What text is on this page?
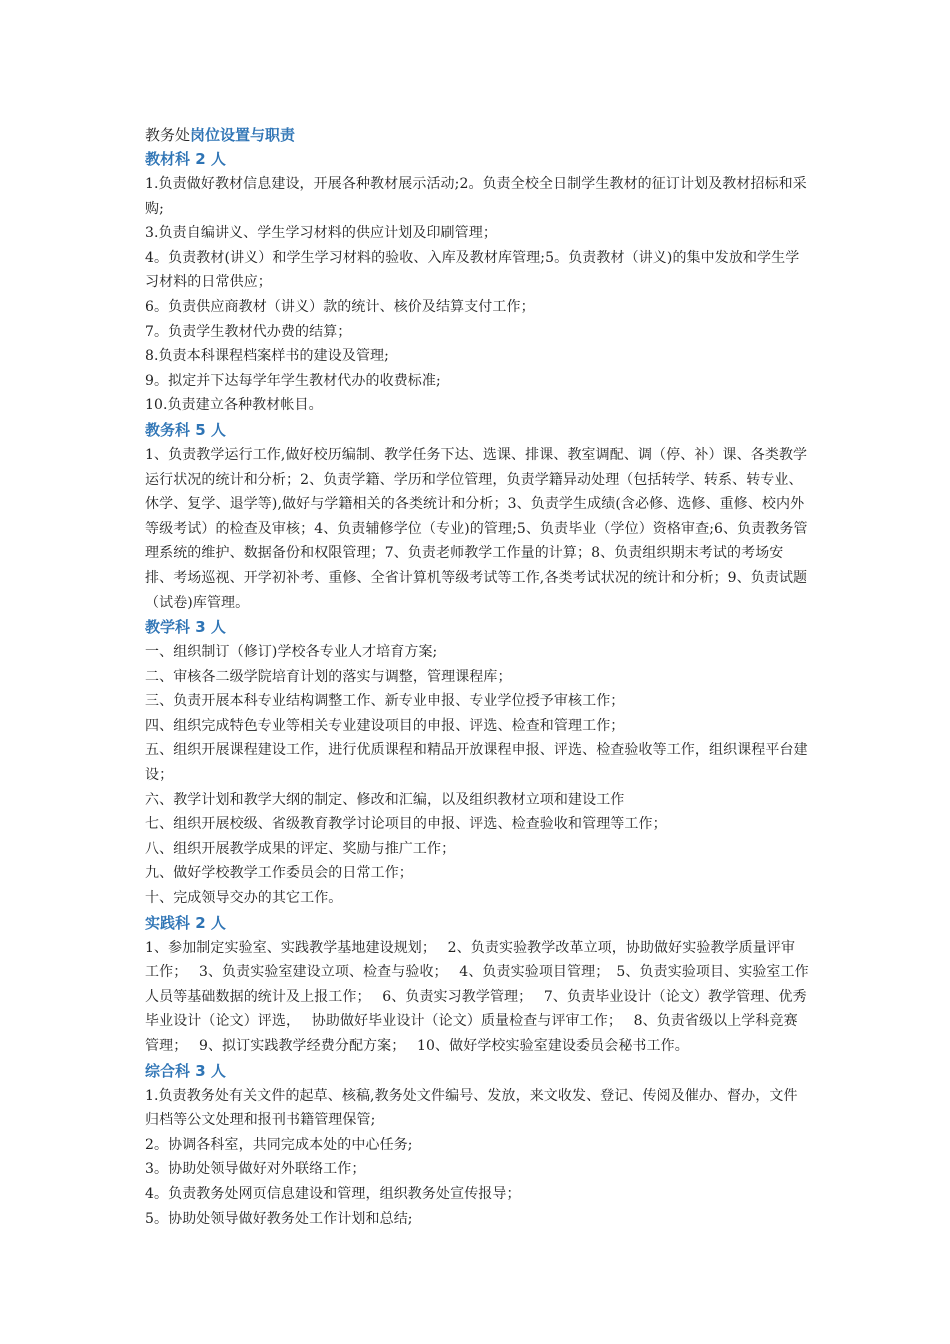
教务处岗位设置与职责
教材科 2 人

1.负责做好教材信息建设，开展各种教材展示活动;2。负责全校全日制学生教材的征订计划及教材招标和采购;

3.负责自编讲义、学生学习材料的供应计划及印刷管理；

4。负责教材(讲义）和学生学习材料的验收、入库及教材库管理;5。负责教材（讲义)的集中发放和学生学习材料的日常供应；

6。负责供应商教材（讲义）款的统计、核价及结算支付工作；

7。负责学生教材代办费的结算；

8.负责本科课程档案样书的建设及管理;

9。拟定并下达每学年学生教材代办的收费标准;

10.负责建立各种教材帐目。

教务科 5 人

1、负责教学运行工作,做好校历编制、教学任务下达、选课、排课、教室调配、调（停、补）课、各类教学运行状况的统计和分析；2、负责学籍、学历和学位管理，负责学籍异动处理（包括转学、转系、转专业、休学、复学、退学等),做好与学籍相关的各类统计和分析；3、负责学生成绩(含必修、选修、重修、校内外等级考试）的检查及审核；4、负责辅修学位（专业)的管理;5、负责毕业（学位）资格审查;6、负责教务管理系统的维护、数据备份和权限管理；7、负责老师教学工作量的计算；8、负责组织期末考试的考场安排、考场巡视、开学初补考、重修、全省计算机等级考试等工作,各类考试状况的统计和分析；9、负责试题（试卷)库管理。

教学科 3 人

一、组织制订（修订)学校各专业人才培育方案;

二、审核各二级学院培育计划的落实与调整，管理课程库；

三、负责开展本科专业结构调整工作、新专业申报、专业学位授予审核工作；

四、组织完成特色专业等相关专业建设项目的申报、评选、检查和管理工作；

五、组织开展课程建设工作，进行优质课程和精品开放课程申报、评选、检查验收等工作，组织课程平台建设；

六、教学计划和教学大纲的制定、修改和汇编，以及组织教材立项和建设工作

七、组织开展校级、省级教育教学讨论项目的申报、评选、检查验收和管理等工作；

八、组织开展教学成果的评定、奖励与推广工作；

九、做好学校教学工作委员会的日常工作；

十、完成领导交办的其它工作。

实践科 2 人

1、参加制定实验室、实践教学基地建设规划；　 2、负责实验教学改革立项，协助做好实验教学质量评审工作；　 3、负责实验室建设立项、检查与验收；　 4、负责实验项目管理；　5、负责实验项目、实验室工作人员等基础数据的统计及上报工作；　 6、负责实习教学管理；　 7、负责毕业设计（论文）教学管理、优秀毕业设计（论文）评选，　 协助做好毕业设计（论文）质量检查与评审工作；　 8、负责省级以上学科竞赛管理；　 9、拟订实践教学经费分配方案；　 10、做好学校实验室建设委员会秘书工作。

综合科 3 人

1.负责教务处有关文件的起草、核稿,教务处文件编号、发放，来文收发、登记、传阅及催办、督办，文件归档等公文处理和报刊书籍管理保管;

2。协调各科室，共同完成本处的中心任务;

3。协助处领导做好对外联络工作；

4。负责教务处网页信息建设和管理，组织教务处宣传报导；

5。协助处领导做好教务处工作计划和总结;
